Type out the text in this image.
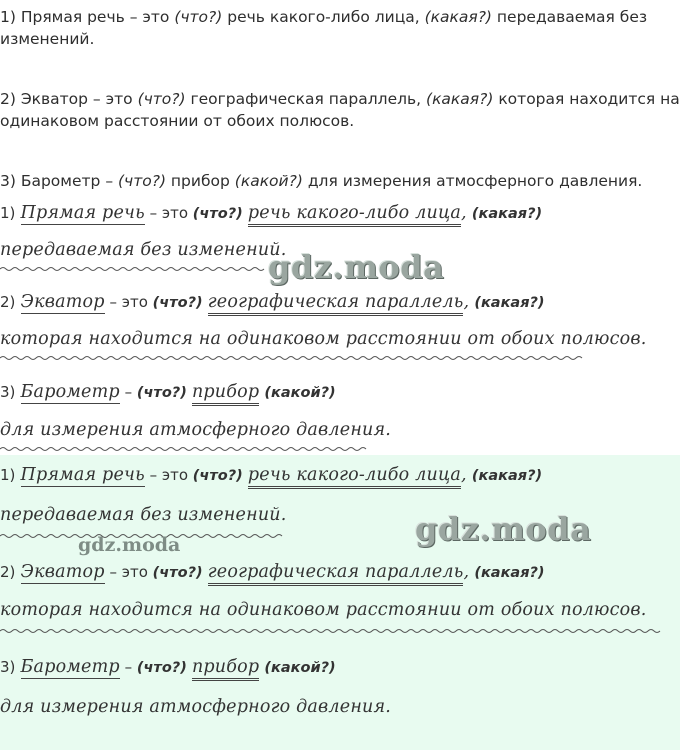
1) Прямая речь – это (что?) речь какого-либо лица, (какая?) передаваемая без изменений.
2) Экватор – это (что?) географическая параллель, (какая?) которая находится на одинаковом расстоянии от обоих полюсов.
3) Барометр – (что?) прибор (какой?) для измерения атмосферного давления.
1) Прямая речь – это (что?) речь какого-либо лица, (какая?)
передаваемая без изменений.
gdz.moda
2) Экватор – это (что?) географическая параллель, (какая?)
которая находится на одинаковом расстоянии от обоих полюсов.
3) Барометр – (что?) прибор (какой?)
для измерения атмосферного давления.
1) Прямая речь – это (что?) речь какого-либо лица, (какая?)
передаваемая без изменений.
gdz.moda	gdz.moda
2) Экватор – это (что?) географическая параллель, (какая?)
которая находится на одинаковом расстоянии от обоих полюсов.
3) Барометр – (что?) прибор (какой?)
для измерения атмосферного давления.
